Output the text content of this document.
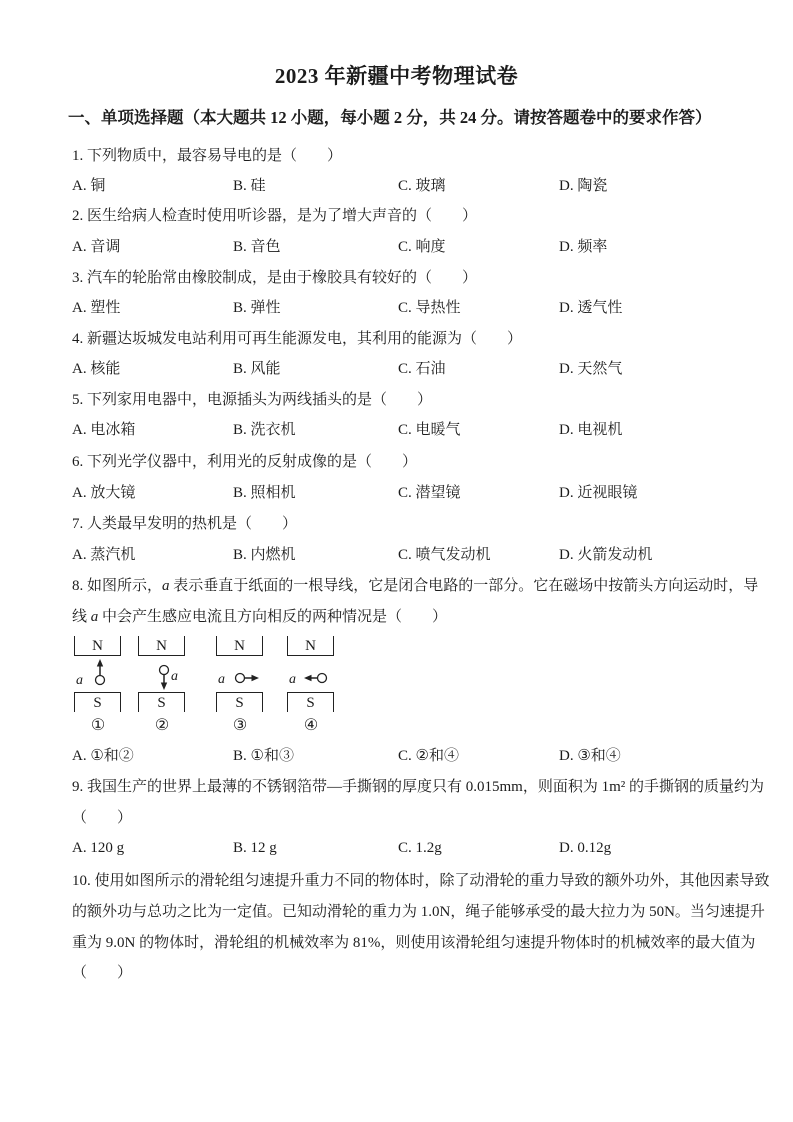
2023 年新疆中考物理试卷
一、单项选择题（本大题共 12 小题，每小题 2 分，共 24 分。请按答题卷中的要求作答）
1. 下列物质中，最容易导电的是（　　）
A. 铜	B. 硅	C. 玻璃	D. 陶瓷
2. 医生给病人检查时使用听诊器，是为了增大声音的（　　）
A. 音调	B. 音色	C. 响度	D. 频率
3. 汽车的轮胎常由橡胶制成，是由于橡胶具有较好的（　　）
A. 塑性	B. 弹性	C. 导热性	D. 透气性
4. 新疆达坂城发电站利用可再生能源发电，其利用的能源为（　　）
A. 核能	B. 风能	C. 石油	D. 天然气
5. 下列家用电器中，电源插头为两线插头的是（　　）
A. 电冰箱	B. 洗衣机	C. 电暖气	D. 电视机
6. 下列光学仪器中，利用光的反射成像的是（　　）
A. 放大镜	B. 照相机	C. 潜望镜	D. 近视眼镜
7. 人类最早发明的热机是（　　）
A. 蒸汽机	B. 内燃机	C. 喷气发动机	D. 火箭发动机
8. 如图所示，a 表示垂直于纸面的一根导线，它是闭合电路的一部分。它在磁场中按箭头方向运动时，导
线 a 中会产生感应电流且方向相反的两种情况是（　　）
N
a
S
①
N
a
S
②
N
a
S
③
N
a
S
④
A. ①和②	B. ①和③	C. ②和④	D. ③和④
9. 我国生产的世界上最薄的不锈钢箔带—手撕钢的厚度只有 0.015mm，则面积为 1m² 的手撕钢的质量约为
（　　）
A. 120 g	B. 12 g	C. 1.2g	D. 0.12g
10. 使用如图所示的滑轮组匀速提升重力不同的物体时，除了动滑轮的重力导致的额外功外，其他因素导致
的额外功与总功之比为一定值。已知动滑轮的重力为 1.0N，绳子能够承受的最大拉力为 50N。当匀速提升
重为 9.0N 的物体时，滑轮组的机械效率为 81%，则使用该滑轮组匀速提升物体时的机械效率的最大值为
（　　）
